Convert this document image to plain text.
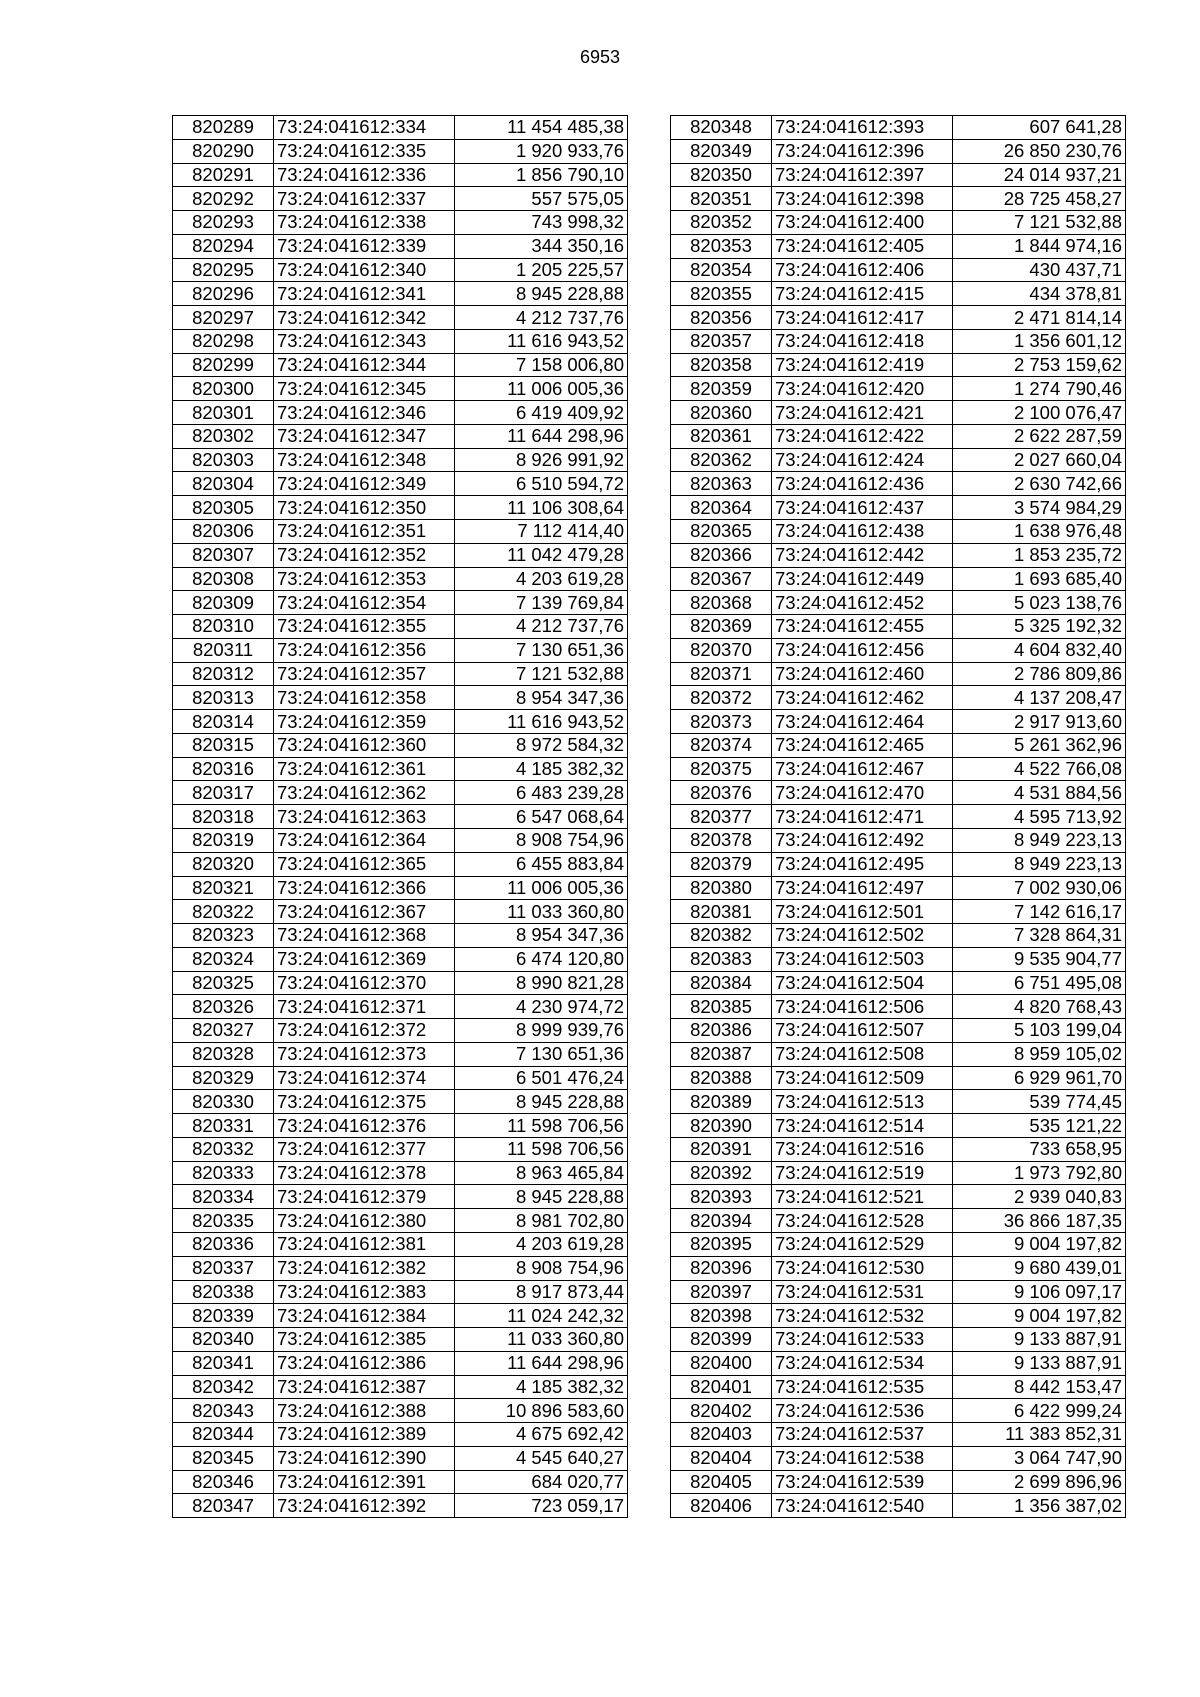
6953
820289	73:24:041612:334	11 454 485,38
820290	73:24:041612:335	1 920 933,76
820291	73:24:041612:336	1 856 790,10
820292	73:24:041612:337	557 575,05
820293	73:24:041612:338	743 998,32
820294	73:24:041612:339	344 350,16
820295	73:24:041612:340	1 205 225,57
820296	73:24:041612:341	8 945 228,88
820297	73:24:041612:342	4 212 737,76
820298	73:24:041612:343	11 616 943,52
820299	73:24:041612:344	7 158 006,80
820300	73:24:041612:345	11 006 005,36
820301	73:24:041612:346	6 419 409,92
820302	73:24:041612:347	11 644 298,96
820303	73:24:041612:348	8 926 991,92
820304	73:24:041612:349	6 510 594,72
820305	73:24:041612:350	11 106 308,64
820306	73:24:041612:351	7 112 414,40
820307	73:24:041612:352	11 042 479,28
820308	73:24:041612:353	4 203 619,28
820309	73:24:041612:354	7 139 769,84
820310	73:24:041612:355	4 212 737,76
820311	73:24:041612:356	7 130 651,36
820312	73:24:041612:357	7 121 532,88
820313	73:24:041612:358	8 954 347,36
820314	73:24:041612:359	11 616 943,52
820315	73:24:041612:360	8 972 584,32
820316	73:24:041612:361	4 185 382,32
820317	73:24:041612:362	6 483 239,28
820318	73:24:041612:363	6 547 068,64
820319	73:24:041612:364	8 908 754,96
820320	73:24:041612:365	6 455 883,84
820321	73:24:041612:366	11 006 005,36
820322	73:24:041612:367	11 033 360,80
820323	73:24:041612:368	8 954 347,36
820324	73:24:041612:369	6 474 120,80
820325	73:24:041612:370	8 990 821,28
820326	73:24:041612:371	4 230 974,72
820327	73:24:041612:372	8 999 939,76
820328	73:24:041612:373	7 130 651,36
820329	73:24:041612:374	6 501 476,24
820330	73:24:041612:375	8 945 228,88
820331	73:24:041612:376	11 598 706,56
820332	73:24:041612:377	11 598 706,56
820333	73:24:041612:378	8 963 465,84
820334	73:24:041612:379	8 945 228,88
820335	73:24:041612:380	8 981 702,80
820336	73:24:041612:381	4 203 619,28
820337	73:24:041612:382	8 908 754,96
820338	73:24:041612:383	8 917 873,44
820339	73:24:041612:384	11 024 242,32
820340	73:24:041612:385	11 033 360,80
820341	73:24:041612:386	11 644 298,96
820342	73:24:041612:387	4 185 382,32
820343	73:24:041612:388	10 896 583,60
820344	73:24:041612:389	4 675 692,42
820345	73:24:041612:390	4 545 640,27
820346	73:24:041612:391	684 020,77
820347	73:24:041612:392	723 059,17
820348	73:24:041612:393	607 641,28
820349	73:24:041612:396	26 850 230,76
820350	73:24:041612:397	24 014 937,21
820351	73:24:041612:398	28 725 458,27
820352	73:24:041612:400	7 121 532,88
820353	73:24:041612:405	1 844 974,16
820354	73:24:041612:406	430 437,71
820355	73:24:041612:415	434 378,81
820356	73:24:041612:417	2 471 814,14
820357	73:24:041612:418	1 356 601,12
820358	73:24:041612:419	2 753 159,62
820359	73:24:041612:420	1 274 790,46
820360	73:24:041612:421	2 100 076,47
820361	73:24:041612:422	2 622 287,59
820362	73:24:041612:424	2 027 660,04
820363	73:24:041612:436	2 630 742,66
820364	73:24:041612:437	3 574 984,29
820365	73:24:041612:438	1 638 976,48
820366	73:24:041612:442	1 853 235,72
820367	73:24:041612:449	1 693 685,40
820368	73:24:041612:452	5 023 138,76
820369	73:24:041612:455	5 325 192,32
820370	73:24:041612:456	4 604 832,40
820371	73:24:041612:460	2 786 809,86
820372	73:24:041612:462	4 137 208,47
820373	73:24:041612:464	2 917 913,60
820374	73:24:041612:465	5 261 362,96
820375	73:24:041612:467	4 522 766,08
820376	73:24:041612:470	4 531 884,56
820377	73:24:041612:471	4 595 713,92
820378	73:24:041612:492	8 949 223,13
820379	73:24:041612:495	8 949 223,13
820380	73:24:041612:497	7 002 930,06
820381	73:24:041612:501	7 142 616,17
820382	73:24:041612:502	7 328 864,31
820383	73:24:041612:503	9 535 904,77
820384	73:24:041612:504	6 751 495,08
820385	73:24:041612:506	4 820 768,43
820386	73:24:041612:507	5 103 199,04
820387	73:24:041612:508	8 959 105,02
820388	73:24:041612:509	6 929 961,70
820389	73:24:041612:513	539 774,45
820390	73:24:041612:514	535 121,22
820391	73:24:041612:516	733 658,95
820392	73:24:041612:519	1 973 792,80
820393	73:24:041612:521	2 939 040,83
820394	73:24:041612:528	36 866 187,35
820395	73:24:041612:529	9 004 197,82
820396	73:24:041612:530	9 680 439,01
820397	73:24:041612:531	9 106 097,17
820398	73:24:041612:532	9 004 197,82
820399	73:24:041612:533	9 133 887,91
820400	73:24:041612:534	9 133 887,91
820401	73:24:041612:535	8 442 153,47
820402	73:24:041612:536	6 422 999,24
820403	73:24:041612:537	11 383 852,31
820404	73:24:041612:538	3 064 747,90
820405	73:24:041612:539	2 699 896,96
820406	73:24:041612:540	1 356 387,02
